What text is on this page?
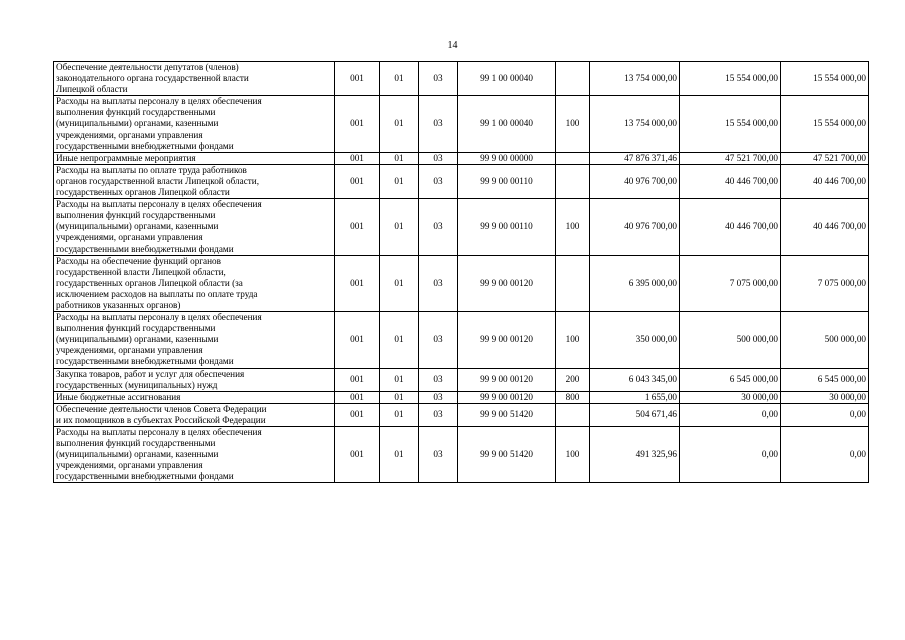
14
Обеспечение деятельности депутатов (членов)
законодательного органа государственной власти
Липецкой области	001	01	03	99 1 00 00040		13 754 000,00	15 554 000,00	15 554 000,00
Расходы на выплаты персоналу в целях обеспечения
выполнения функций государственными
(муниципальными) органами, казенными
учреждениями, органами управления
государственными внебюджетными фондами	001	01	03	99 1 00 00040	100	13 754 000,00	15 554 000,00	15 554 000,00
Иные непрограммные мероприятия	001	01	03	99 9 00 00000		47 876 371,46	47 521 700,00	47 521 700,00
Расходы на выплаты по оплате труда работников
органов государственной власти Липецкой области,
государственных органов Липецкой области	001	01	03	99 9 00 00110		40 976 700,00	40 446 700,00	40 446 700,00
Расходы на выплаты персоналу в целях обеспечения
выполнения функций государственными
(муниципальными) органами, казенными
учреждениями, органами управления
государственными внебюджетными фондами	001	01	03	99 9 00 00110	100	40 976 700,00	40 446 700,00	40 446 700,00
Расходы на обеспечение функций органов
государственной власти Липецкой области,
государственных органов Липецкой области (за
исключением расходов на выплаты по оплате труда
работников указанных органов)	001	01	03	99 9 00 00120		6 395 000,00	7 075 000,00	7 075 000,00
Расходы на выплаты персоналу в целях обеспечения
выполнения функций государственными
(муниципальными) органами, казенными
учреждениями, органами управления
государственными внебюджетными фондами	001	01	03	99 9 00 00120	100	350 000,00	500 000,00	500 000,00
Закупка товаров, работ и услуг для обеспечения
государственных (муниципальных) нужд	001	01	03	99 9 00 00120	200	6 043 345,00	6 545 000,00	6 545 000,00
Иные бюджетные ассигнования	001	01	03	99 9 00 00120	800	1 655,00	30 000,00	30 000,00
Обеспечение деятельности членов Совета Федерации
и их помощников в субъектах Российской Федерации	001	01	03	99 9 00 51420		504 671,46	0,00	0,00
Расходы на выплаты персоналу в целях обеспечения
выполнения функций государственными
(муниципальными) органами, казенными
учреждениями, органами управления
государственными внебюджетными фондами	001	01	03	99 9 00 51420	100	491 325,96	0,00	0,00
